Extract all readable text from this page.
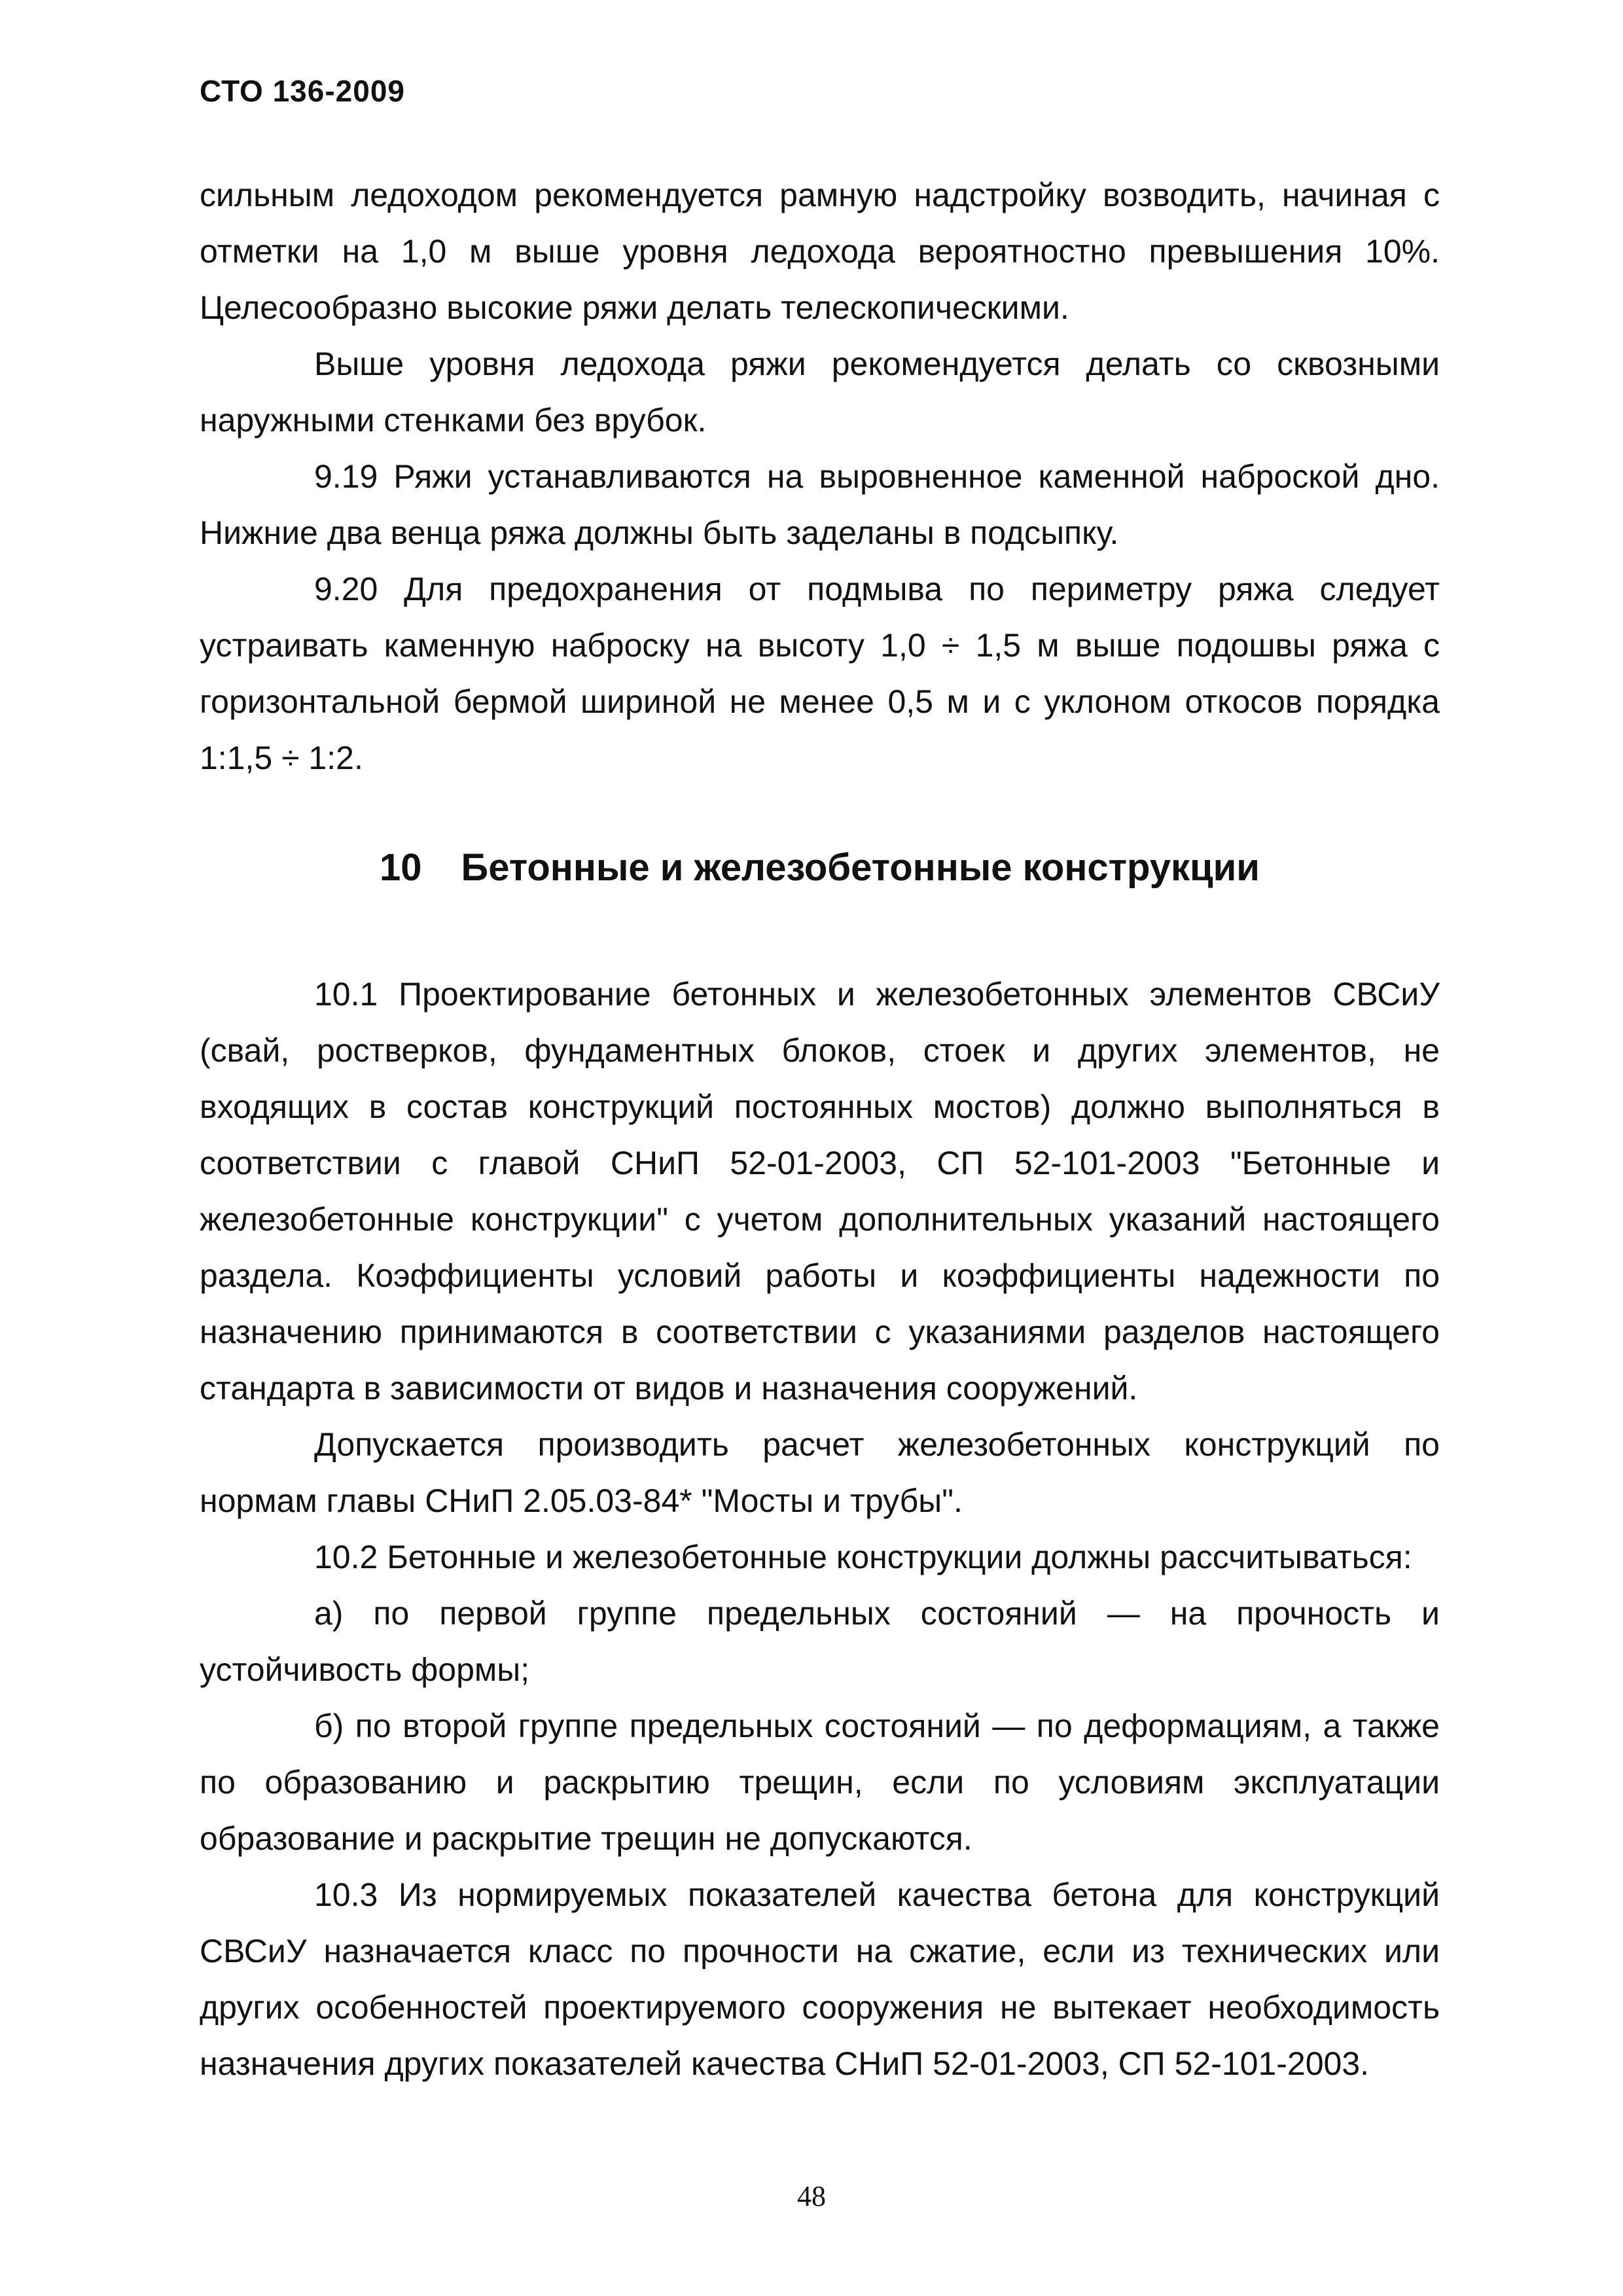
СТО 136-2009

сильным ледоходом рекомендуется рамную надстройку возводить, начиная с отметки на 1,0 м выше уровня ледохода вероятностно превышения 10%. Целесообразно высокие ряжи делать телескопическими.

Выше уровня ледохода ряжи рекомендуется делать со сквозными наружными стенками без врубок.

9.19 Ряжи устанавливаются на выровненное каменной наброской дно. Нижние два венца ряжа должны быть заделаны в подсыпку.

9.20 Для предохранения от подмыва по периметру ряжа следует устраивать каменную наброску на высоту 1,0 ÷ 1,5 м выше подошвы ряжа с горизонтальной бермой шириной не менее 0,5 м и с уклоном откосов порядка 1:1,5 ÷ 1:2.

10 Бетонные и железобетонные конструкции

10.1 Проектирование бетонных и железобетонных элементов СВСиУ (свай, ростверков, фундаментных блоков, стоек и других элементов, не входящих в состав конструкций постоянных мостов) должно выполняться в соответствии с главой СНиП 52-01-2003, СП 52-101-2003 "Бетонные и железобетонные конструкции" с учетом дополнительных указаний настоящего раздела. Коэффициенты условий работы и коэффициенты надежности по назначению принимаются в соответствии с указаниями разделов настоящего стандарта в зависимости от видов и назначения сооружений.

Допускается производить расчет железобетонных конструкций по нормам главы СНиП 2.05.03-84* "Мосты и трубы".

10.2 Бетонные и железобетонные конструкции должны рассчитываться:

а) по первой группе предельных состояний — на прочность и устойчивость формы;

б) по второй группе предельных состояний — по деформациям, а также по образованию и раскрытию трещин, если по условиям эксплуатации образование и раскрытие трещин не допускаются.

10.3 Из нормируемых показателей качества бетона для конструкций СВСиУ назначается класс по прочности на сжатие, если из технических или других особенностей проектируемого сооружения не вытекает необходимость назначения других показателей качества СНиП 52-01-2003, СП 52-101-2003.

48
